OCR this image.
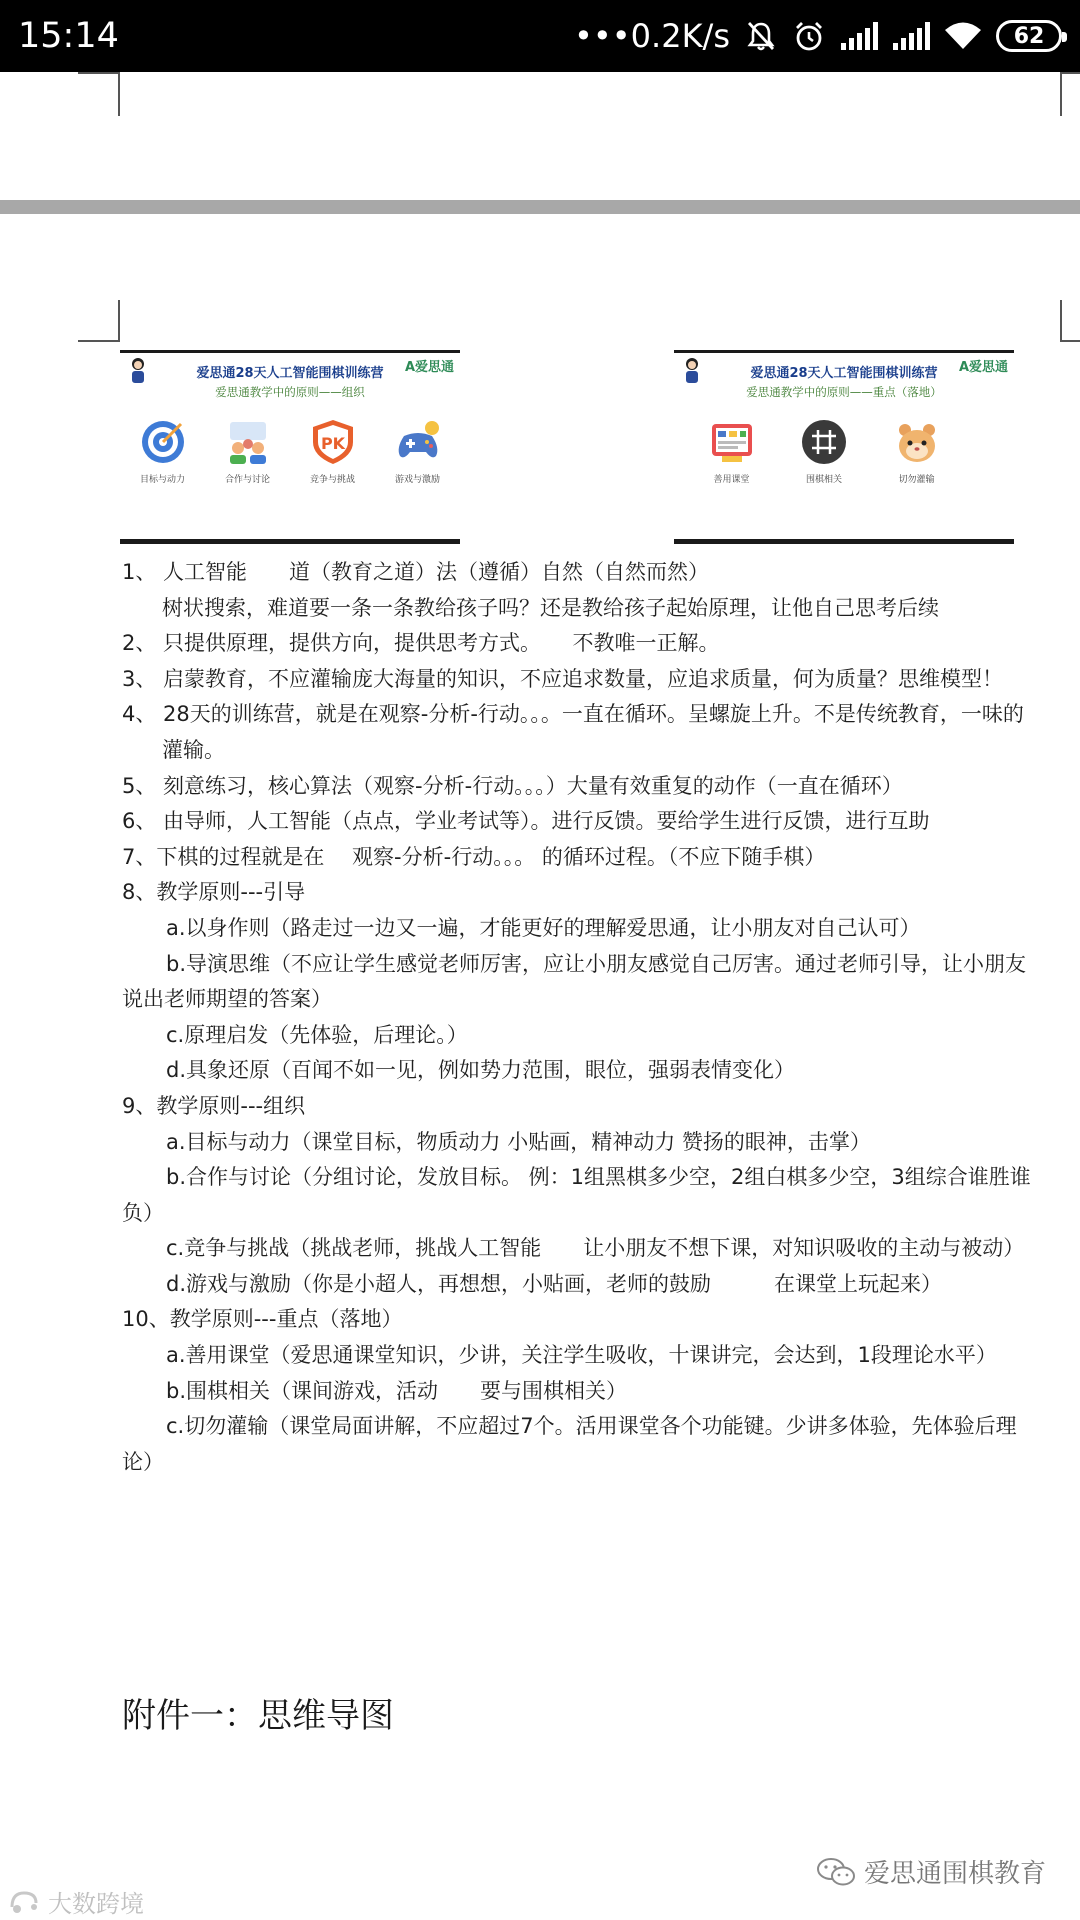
15:14	•••0.2K/s	62
爱思通28天人工智能围棋训练营	A爱思通
爱思通教学中的原则——组织
目标与动力	合作与讨论
PK
竞争与挑战	游戏与激励
爱思通28天人工智能围棋训练营	A爱思通
爱思通教学中的原则——重点（落地）
善用课堂	围棋相关	切勿灌输

1、 人工智能　　道（教育之道）法（遵循）自然（自然而然）

树状搜索，难道要一条一条教给孩子吗？还是教给孩子起始原理，让他自己思考后续

2、 只提供原理，提供方向，提供思考方式。　　不教唯一正解。

3、 启蒙教育，不应灌输庞大海量的知识，不应追求数量，应追求质量，何为质量？思维模型！

4、 28天的训练营，就是在观察-分析-行动。。。一直在循环。呈螺旋上升。不是传统教育，一味的

灌输。

5、 刻意练习，核心算法（观察-分析-行动。。。）大量有效重复的动作（一直在循环）

6、 由导师，人工智能（点点，学业考试等）。进行反馈。要给学生进行反馈，进行互助

7、下棋的过程就是在　 观察-分析-行动。。。 的循环过程。（不应下随手棋）

8、教学原则---引导

a.以身作则（路走过一边又一遍，才能更好的理解爱思通，让小朋友对自己认可）

b.导演思维（不应让学生感觉老师厉害，应让小朋友感觉自己厉害。通过老师引导，让小朋友

说出老师期望的答案）

c.原理启发（先体验，后理论。）

d.具象还原（百闻不如一见，例如势力范围，眼位，强弱表情变化）

9、教学原则---组织

a.目标与动力（课堂目标，物质动力 小贴画，精神动力 赞扬的眼神，击掌）

b.合作与讨论（分组讨论，发放目标。 例：1组黑棋多少空，2组白棋多少空，3组综合谁胜谁

负）

c.竞争与挑战（挑战老师，挑战人工智能　　让小朋友不想下课，对知识吸收的主动与被动）

d.游戏与激励（你是小超人，再想想，小贴画，老师的鼓励　　　在课堂上玩起来）

10、教学原则---重点（落地）

a.善用课堂（爱思通课堂知识，少讲，关注学生吸收，十课讲完，会达到，1段理论水平）

b.围棋相关（课间游戏，活动　　要与围棋相关）

c.切勿灌输（课堂局面讲解，不应超过7个。活用课堂各个功能键。少讲多体验，先体验后理

论）

附件一：思维导图
爱思通围棋教育
大数跨境
